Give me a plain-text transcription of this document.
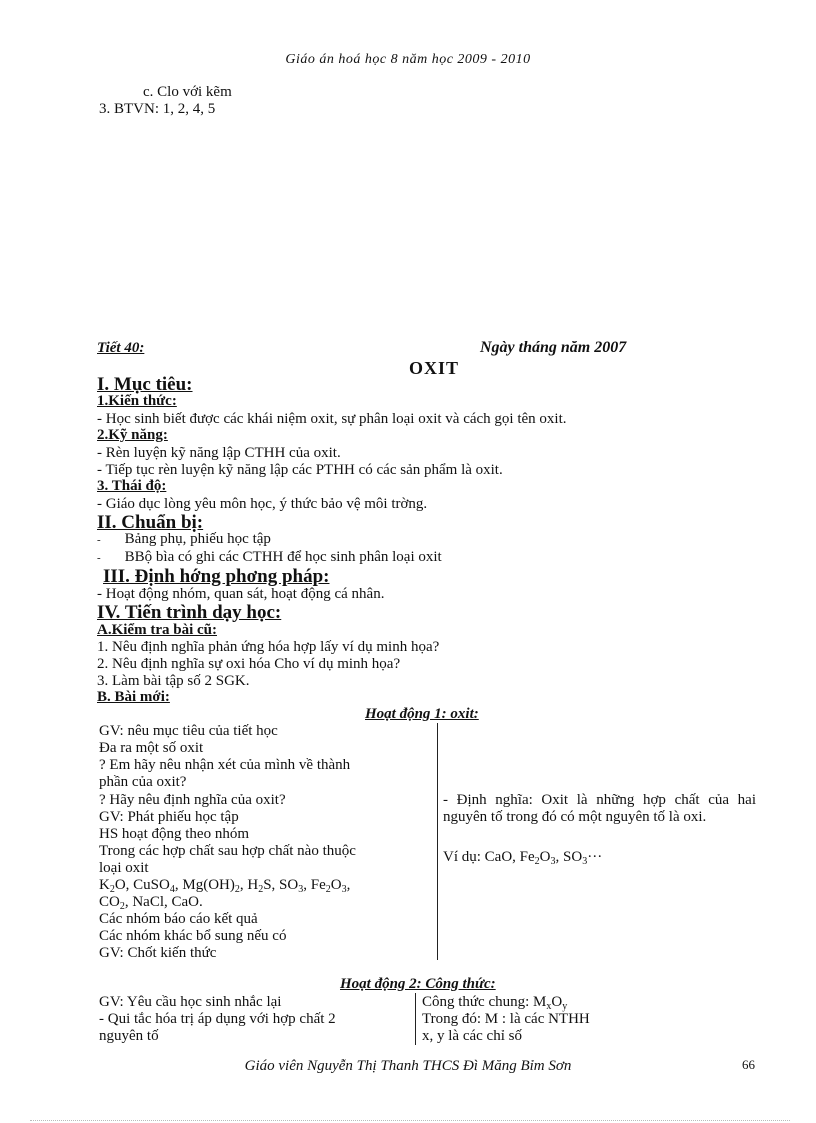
Giáo án hoá học 8 năm học 2009 - 2010
c. Clo với kẽm
3. BTVN: 1, 2, 4, 5
Tiết 40:	Ngày tháng năm 2007
OXIT
I. Mục tiêu:
1.Kiến thức:
- Học sinh biết được các khái niệm oxit, sự phân loại oxit và cách gọi tên oxit.
2.Kỹ năng:
- Rèn luyện kỹ năng lập CTHH của oxit.
- Tiếp tục rèn luyện kỹ năng lập các PTHH có các sản phẩm là oxit.
3. Thái độ:
- Giáo dục lòng yêu môn học, ý thức bảo vệ môi trờng.
II. Chuẩn bị:
- Bảng phụ, phiếu học tập
- BBộ bìa có ghi các CTHH để học sinh phân loại oxit
III. Định hớng phơng pháp:
- Hoạt động nhóm, quan sát, hoạt động cá nhân.
IV. Tiến trình dạy học:
A.Kiểm tra bài cũ:
1. Nêu định nghĩa phản ứng hóa hợp lấy ví dụ minh họa?
2. Nêu định nghĩa sự oxi hóa Cho ví dụ minh họa?
3. Làm bài tập số 2 SGK.
B. Bài mới:
Hoạt động 1: oxit:
GV: nêu mục tiêu của tiết học
Đa ra một số oxit
? Em hãy nêu nhận xét của mình về thành
phần của oxit?
? Hãy nêu định nghĩa của oxit?
GV: Phát phiếu học tập
HS hoạt động theo nhóm
Trong các hợp chất sau hợp chất nào thuộc
loại oxit
$K_2O$, CuSO$_4$, $Mg(OH)_2$, $H_2S$, $SO_3$, $Fe_2O_3$,
$CO_2$, NaCl, CaO.
Các nhóm báo cáo kết quả
Các nhóm khác bổ sung nếu có
GV: Chốt kiến thức
- Định nghĩa: Oxit là những hợp chất của hai nguyên tố trong đó có một nguyên tố là oxi.
Ví dụ: CaO, $Fe_2O_3$, $SO_3\cdot\cdot\cdot$
Hoạt động 2: Công thức:
GV: Yêu cầu học sinh nhắc lại
- Qui tắc hóa trị áp dụng với hợp chất 2
nguyên tố
Công thức chung: $M_xO_y$
Trong đó: M : là các NTHH
x, y là các chỉ số
Giáo viên Nguyễn Thị Thanh THCS Đì Măng Bỉm Sơn	66
